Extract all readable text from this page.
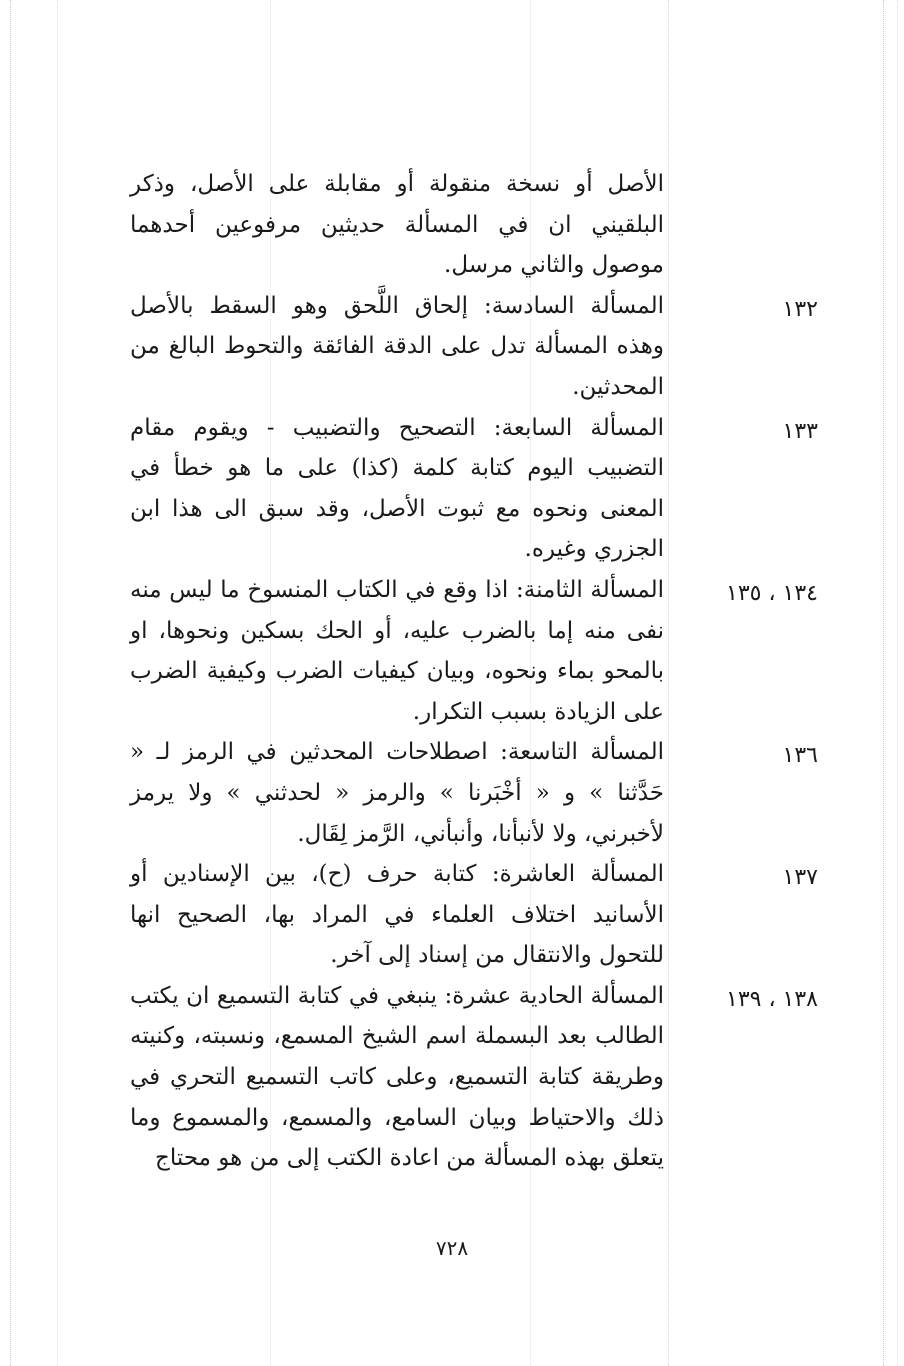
الأصل أو نسخة منقولة أو مقابلة على الأصل، وذكر البلقيني ان في المسألة حديثين مرفوعين أحدهما موصول والثاني مرسل.
١٣٢
المسألة السادسة: إلحاق اللَّحق وهو السقط بالأصل وهذه المسألة تدل على الدقة الفائقة والتحوط البالغ من المحدثين.
١٣٣
المسألة السابعة: التصحيح والتضبيب - ويقوم مقام التضبيب اليوم كتابة كلمة (كذا) على ما هو خطأ في المعنى ونحوه مع ثبوت الأصل، وقد سبق الى هذا ابن الجزري وغيره.
١٣٤ ، ١٣٥
المسألة الثامنة: اذا وقع في الكتاب المنسوخ ما ليس منه نفى منه إما بالضرب عليه، أو الحك بسكين ونحوها، او بالمحو بماء ونحوه، وبيان كيفيات الضرب وكيفية الضرب على الزيادة بسبب التكرار.
١٣٦
المسألة التاسعة: اصطلاحات المحدثين في الرمز لـ « حَدَّثنا » و « أخْبَرنا » والرمز « لحدثني » ولا يرمز لأخبرني، ولا لأنبأنا، وأنبأني، الرَّمز لِقَال.
١٣٧
المسألة العاشرة: كتابة حرف (ح)، بين الإسنادين أو الأسانيد اختلاف العلماء في المراد بها، الصحيح انها للتحول والانتقال من إسناد إلى آخر.
١٣٨ ، ١٣٩
المسألة الحادية عشرة: ينبغي في كتابة التسميع ان يكتب الطالب بعد البسملة اسم الشيخ المسمع، ونسبته، وكنيته وطريقة كتابة التسميع، وعلى كاتب التسميع التحري في ذلك والاحتياط وبيان السامع، والمسمع، والمسموع وما يتعلق بهذه المسألة من اعادة الكتب إلى من هو محتاج
٧٢٨
